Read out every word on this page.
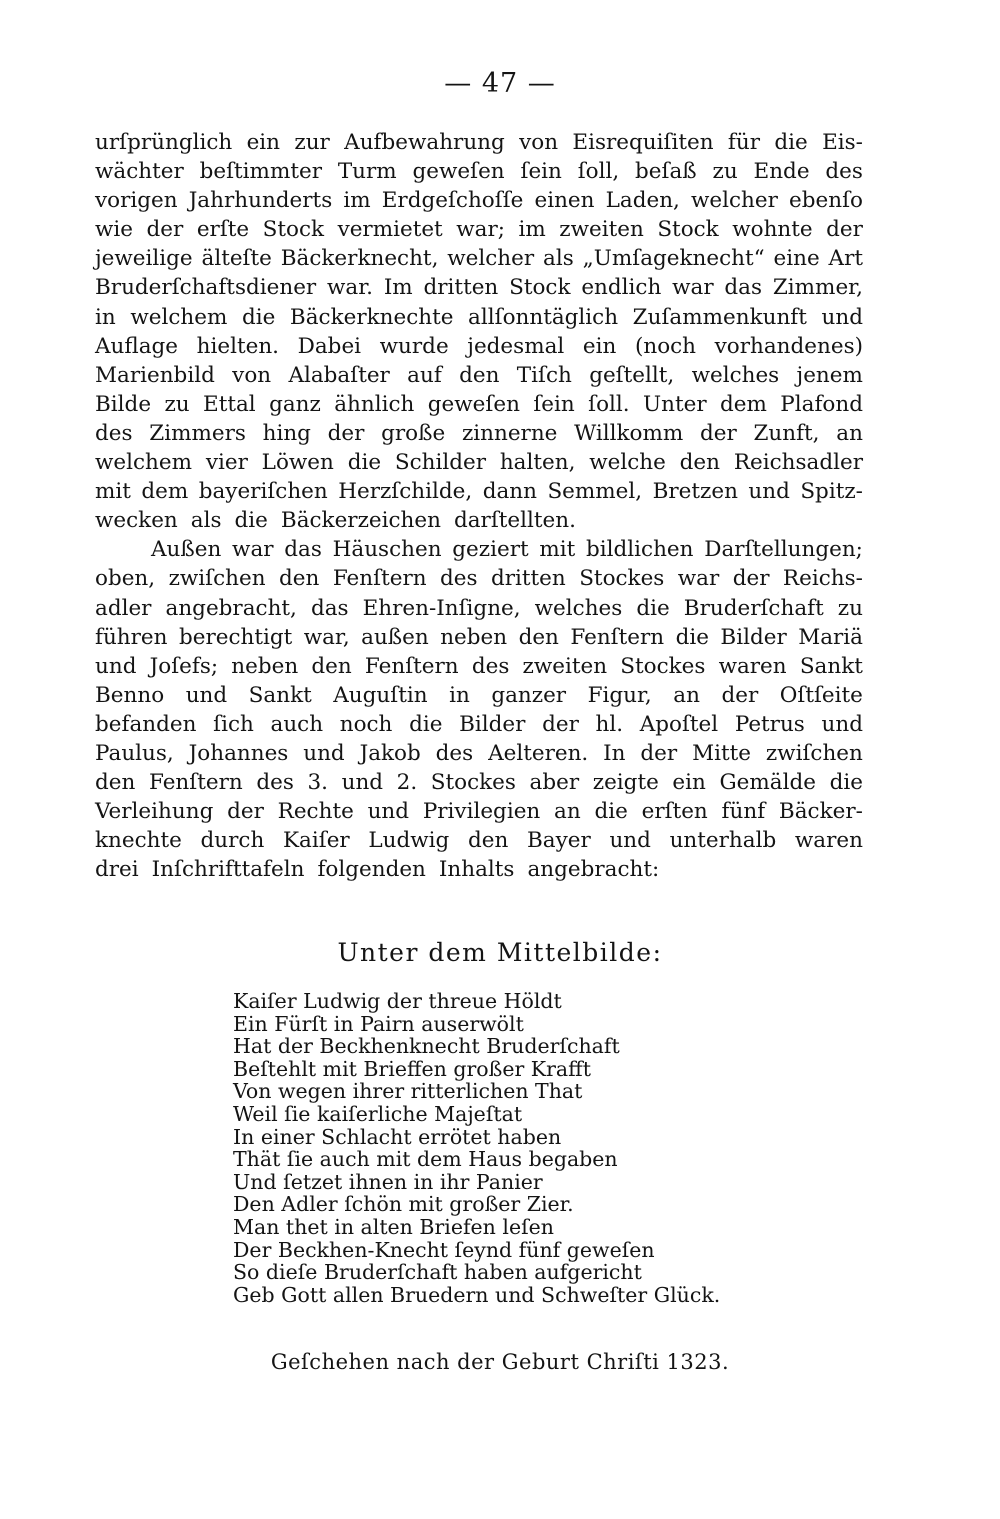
— 47 —
urſprünglich ein zur Aufbewahrung von Eisrequiſiten für die Eis-
wächter beſtimmter Turm geweſen ſein ſoll, beſaß zu Ende des
vorigen Jahrhunderts im Erdgeſchoſſe einen Laden, welcher ebenſo
wie der erſte Stock vermietet war; im zweiten Stock wohnte der
jeweilige älteſte Bäckerknecht, welcher als „Umſageknecht“ eine Art
Bruderſchaftsdiener war. Im dritten Stock endlich war das Zimmer,
in welchem die Bäckerknechte allſonntäglich Zuſammenkunft und
Auflage hielten. Dabei wurde jedesmal ein (noch vorhandenes)
Marienbild von Alabaſter auf den Tiſch geſtellt, welches jenem
Bilde zu Ettal ganz ähnlich geweſen ſein ſoll. Unter dem Plafond
des Zimmers hing der große zinnerne Willkomm der Zunft, an
welchem vier Löwen die Schilder halten, welche den Reichsadler
mit dem bayeriſchen Herzſchilde, dann Semmel, Bretzen und Spitz-
wecken als die Bäckerzeichen darſtellten.
Außen war das Häuschen geziert mit bildlichen Darſtellungen;
oben, zwiſchen den Fenſtern des dritten Stockes war der Reichs-
adler angebracht, das Ehren-Inſigne, welches die Bruderſchaft zu
führen berechtigt war, außen neben den Fenſtern die Bilder Mariä
und Joſefs; neben den Fenſtern des zweiten Stockes waren Sankt
Benno und Sankt Auguſtin in ganzer Figur, an der Oſtſeite
befanden ſich auch noch die Bilder der hl. Apoſtel Petrus und
Paulus, Johannes und Jakob des Aelteren. In der Mitte zwiſchen
den Fenſtern des 3. und 2. Stockes aber zeigte ein Gemälde die
Verleihung der Rechte und Privilegien an die erſten fünf Bäcker-
knechte durch Kaiſer Ludwig den Bayer und unterhalb waren
drei Inſchrifttafeln folgenden Inhalts angebracht:
Unter dem Mittelbilde:
Kaiſer Ludwig der threue Höldt
Ein Fürſt in Pairn auserwölt
Hat der Beckhenknecht Bruderſchaft
Beſtehlt mit Brieffen großer Krafft
Von wegen ihrer ritterlichen That
Weil ſie kaiſerliche Majeſtat
In einer Schlacht errötet haben
Thät ſie auch mit dem Haus begaben
Und ſetzet ihnen in ihr Panier
Den Adler ſchön mit großer Zier.
Man thet in alten Briefen leſen
Der Beckhen-Knecht ſeynd fünf geweſen
So dieſe Bruderſchaft haben aufgericht
Geb Gott allen Bruedern und Schweſter Glück.
Geſchehen nach der Geburt Chriſti 1323.
